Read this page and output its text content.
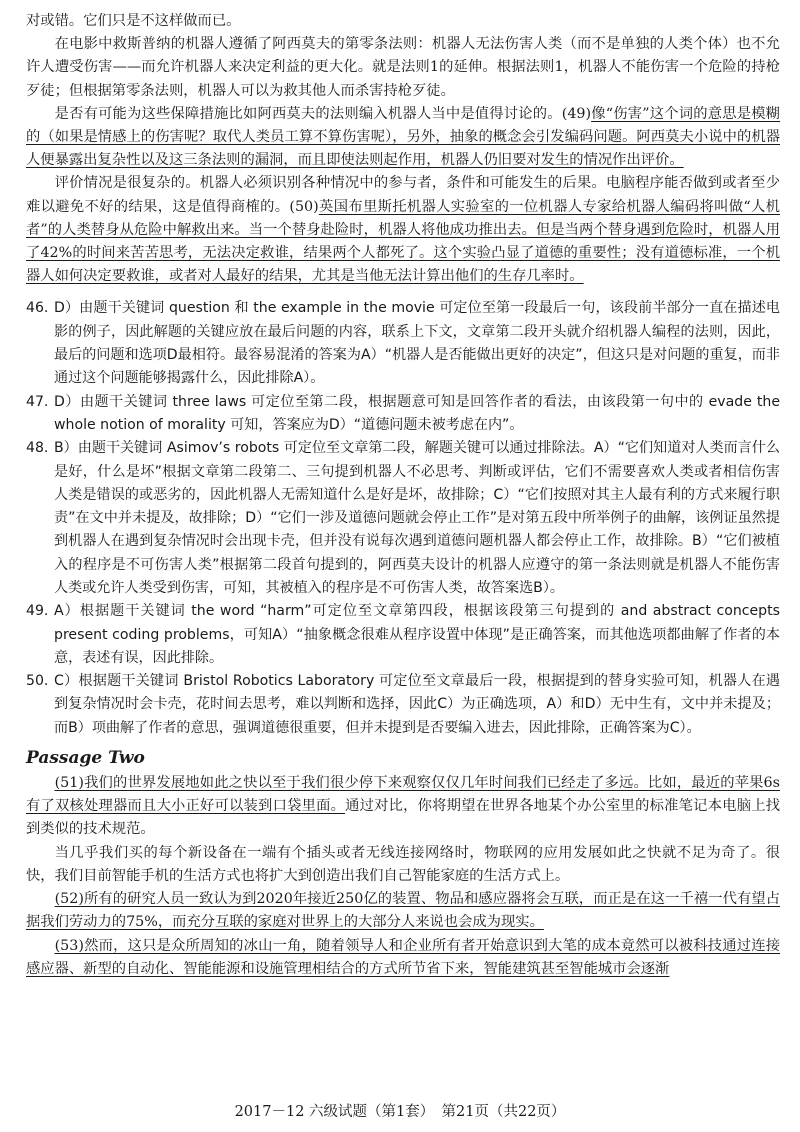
对或错。它们只是不这样做而已。

在电影中救斯普纳的机器人遵循了阿西莫夫的第零条法则：机器人无法伤害人类（而不是单独的人类个体）也不允许人遭受伤害——而允许机器人来决定利益的更大化。就是法则1的延伸。根据法则1，机器人不能伤害一个危险的持枪歹徒；但根据第零条法则，机器人可以为救其他人而杀害持枪歹徒。

是否有可能为这些保障措施比如阿西莫夫的法则编入机器人当中是值得讨论的。(49)像“伤害”这个词的意思是模糊的（如果是情感上的伤害呢？取代人类员工算不算伤害呢），另外，抽象的概念会引发编码问题。阿西莫夫小说中的机器人便暴露出复杂性以及这三条法则的漏洞，而且即使法则起作用，机器人仍旧要对发生的情况作出评价。

评价情况是很复杂的。机器人必须识别各种情况中的参与者，条件和可能发生的后果。电脑程序能否做到或者至少难以避免不好的结果，这是值得商榷的。(50)英国布里斯托机器人实验室的一位机器人专家给机器人编码将叫做“人机者”的人类替身从危险中解救出来。当一个替身赴险时，机器人将他成功推出去。但是当两个替身遇到危险时，机器人用了42%的时间来苦苦思考，无法决定救谁，结果两个人都死了。这个实验凸显了道德的重要性；没有道德标准，一个机器人如何决定要救谁，或者对人最好的结果，尤其是当他无法计算出他们的生存几率时。

46. D）由题干关键词 question 和 the example in the movie 可定位至第一段最后一句，该段前半部分一直在描述电影的例子，因此解题的关键应放在最后问题的内容，联系上下文，文章第二段开头就介绍机器人编程的法则，因此，最后的问题和选项D最相符。最容易混淆的答案为A）“机器人是否能做出更好的决定”，但这只是对问题的重复，而非通过这个问题能够揭露什么，因此排除A）。

47. D）由题干关键词 three laws 可定位至第二段，根据题意可知是回答作者的看法，由该段第一句中的 evade the whole notion of morality 可知，答案应为D）“道德问题未被考虑在内”。

48. B）由题干关键词 Asimov’s robots 可定位至文章第二段，解题关键可以通过排除法。A）“它们知道对人类而言什么是好，什么是坏”根据文章第二段第二、三句提到机器人不必思考、判断或评估，它们不需要喜欢人类或者相信伤害人类是错误的或恶劣的，因此机器人无需知道什么是好是坏，故排除；C）“它们按照对其主人最有利的方式来履行职责”在文中并未提及，故排除；D）“它们一涉及道德问题就会停止工作”是对第五段中所举例子的曲解，该例证虽然提到机器人在遇到复杂情况时会出现卡壳，但并没有说每次遇到道德问题机器人都会停止工作，故排除。B）“它们被植入的程序是不可伤害人类”根据第二段首句提到的，阿西莫夫设计的机器人应遵守的第一条法则就是机器人不能伤害人类或允许人类受到伤害，可知，其被植入的程序是不可伤害人类，故答案选B）。

49. A）根据题干关键词 the word “harm”可定位至文章第四段，根据该段第三句提到的 and abstract concepts present coding problems，可知A）“抽象概念很难从程序设置中体现”是正确答案，而其他选项都曲解了作者的本意，表述有误，因此排除。

50. C）根据题干关键词 Bristol Robotics Laboratory 可定位至文章最后一段，根据提到的替身实验可知，机器人在遇到复杂情况时会卡壳，花时间去思考，难以判断和选择，因此C）为正确选项，A）和D）无中生有，文中并未提及；而B）项曲解了作者的意思，强调道德很重要，但并未提到是否要编入进去，因此排除，正确答案为C）。

Passage Two

(51)我们的世界发展地如此之快以至于我们很少停下来观察仅仅几年时间我们已经走了多远。比如，最近的苹果6s有了双核处理器而且大小正好可以装到口袋里面。通过对比，你将期望在世界各地某个办公室里的标准笔记本电脑上找到类似的技术规范。

当几乎我们买的每个新设备在一端有个插头或者无线连接网络时，物联网的应用发展如此之快就不足为奇了。很快，我们目前智能手机的生活方式也将扩大到创造出我们自己智能家庭的生活方式上。

(52)所有的研究人员一致认为到2020年接近250亿的装置、物品和感应器将会互联，而正是在这一千禧一代有望占据我们劳动力的75%，而充分互联的家庭对世界上的大部分人来说也会成为现实。

(53)然而，这只是众所周知的冰山一角，随着领导人和企业所有者开始意识到大笔的成本竟然可以被科技通过连接感应器、新型的自动化、智能能源和设施管理相结合的方式所节省下来，智能建筑甚至智能城市会逐渐

2017－12 六级试题（第1套）　第21页（共22页）
